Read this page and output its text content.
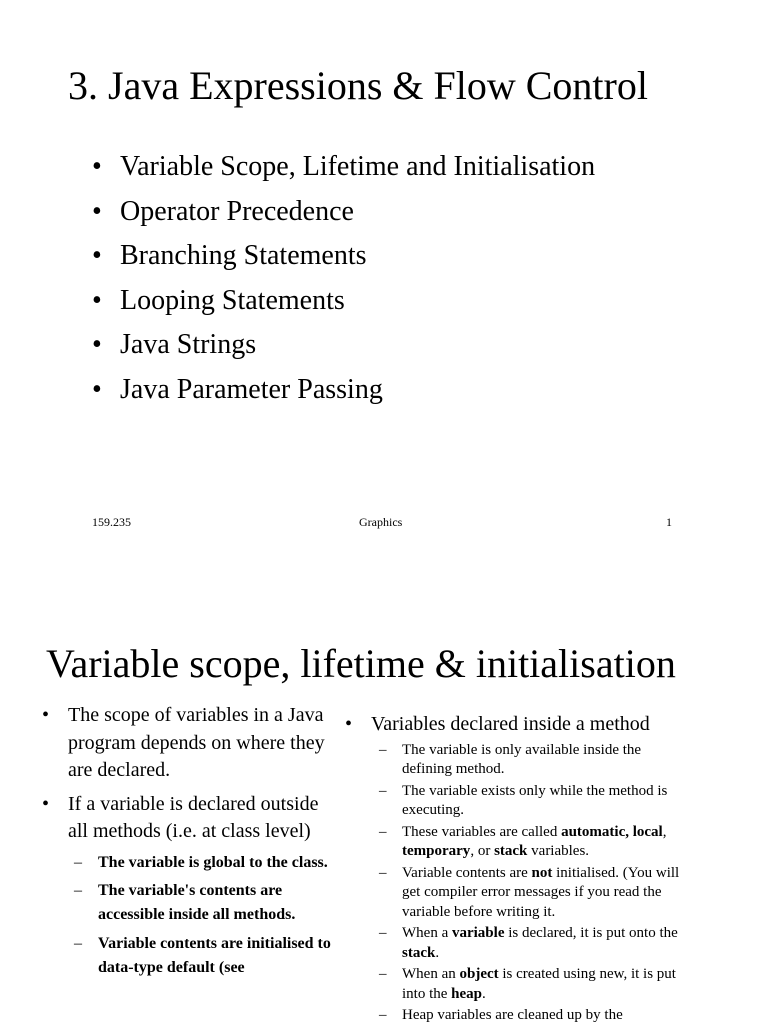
3. Java Expressions & Flow Control
• Variable Scope, Lifetime and Initialisation
• Operator Precedence
• Branching Statements
• Looping Statements
• Java Strings
• Java Parameter Passing
159.235	Graphics	1
Variable scope, lifetime & initialisation
• The scope of variables in a Java program depends on where they are declared.
• If a variable is declared outside all methods (i.e. at class level)
– The variable is global to the class.
– The variable's contents are accessible inside all methods.
– Variable contents are initialised to data-type default (see
• Variables declared inside a method
– The variable is only available inside the defining method.
– The variable exists only while the method is executing.
– These variables are called automatic, local, temporary, or stack variables.
– Variable contents are not initialised. (You will get compiler error messages if you read the variable before writing it.
– When a variable is declared, it is put onto the stack.
– When an object is created using new, it is put into the heap.
– Heap variables are cleaned up by the
